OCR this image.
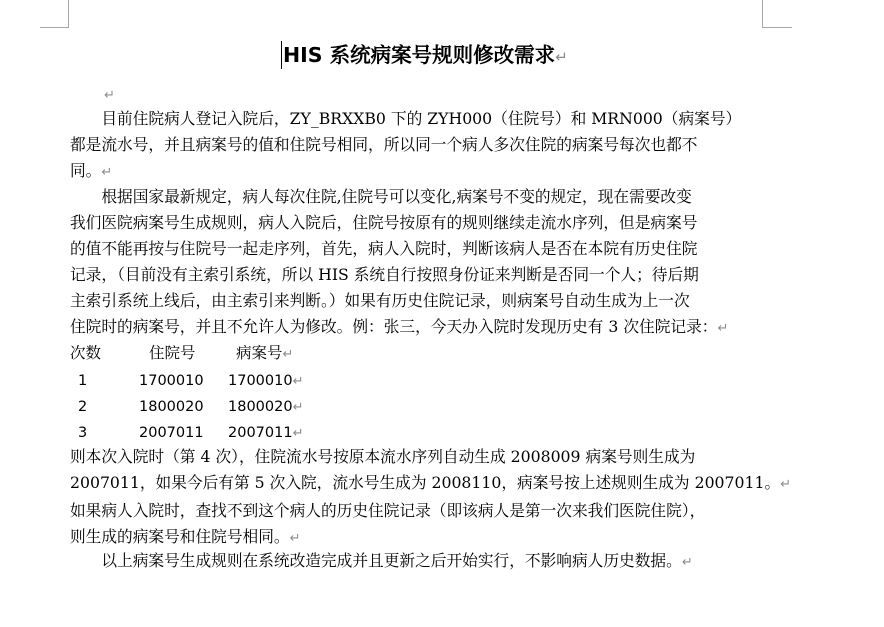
HIS 系统病案号规则修改需求↵
↵

　　目前住院病人登记入院后，ZY_BRXXB0 下的 ZYH000（住院号）和 MRN000（病案号）

都是流水号，并且病案号的值和住院号相同，所以同一个病人多次住院的病案号每次也都不

同。↵

　　根据国家最新规定，病人每次住院,住院号可以变化,病案号不变的规定，现在需要改变

我们医院病案号生成规则，病人入院后，住院号按原有的规则继续走流水序列，但是病案号

的值不能再按与住院号一起走序列，首先，病人入院时，判断该病人是否在本院有历史住院

记录，（目前没有主索引系统，所以 HIS 系统自行按照身份证来判断是否同一个人；待后期

主索引系统上线后，由主索引来判断。）如果有历史住院记录，则病案号自动生成为上一次

住院时的病案号，并且不允许人为修改。例：张三，今天办入院时发现历史有 3 次住院记录：↵

次数	住院号	病案号↵
1	1700010 1700010↵
2	1800020 1800020↵
3	2007011 2007011↵

则本次入院时（第 4 次），住院流水号按原本流水序列自动生成 2008009 病案号则生成为

2007011，如果今后有第 5 次入院，流水号生成为 2008110，病案号按上述规则生成为 2007011。↵

如果病人入院时，查找不到这个病人的历史住院记录（即该病人是第一次来我们医院住院），

则生成的病案号和住院号相同。↵

　　以上病案号生成规则在系统改造完成并且更新之后开始实行，不影响病人历史数据。↵
